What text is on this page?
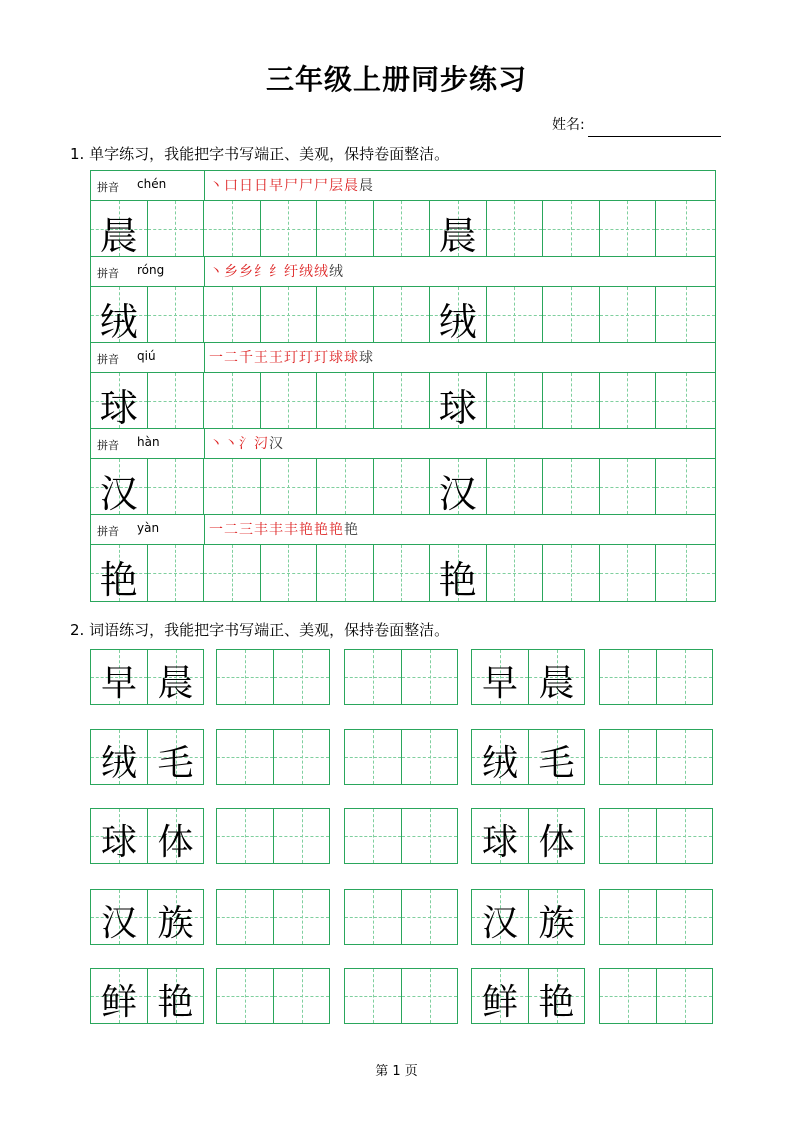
三年级上册同步练习
姓名:
1. 单字练习，我能把字书写端正、美观，保持卷面整洁。
拼音 chén	丶口日日早尸尸尸层晨晨
晨	晨
拼音 róng	丶乡乡纟纟纡绒绒绒
绒	绒
拼音 qiú	一二千王王玎玎玎球球球
球	球
拼音 hàn	丶丶氵汈汉
汉	汉
拼音 yàn	一二三丰丰丰艳艳艳艳
艳	艳
2. 词语练习，我能把字书写端正、美观，保持卷面整洁。
早 晨	早 晨
绒 毛	绒 毛
球 体	球 体
汉 族	汉 族
鲜 艳	鲜 艳
第 1 页
